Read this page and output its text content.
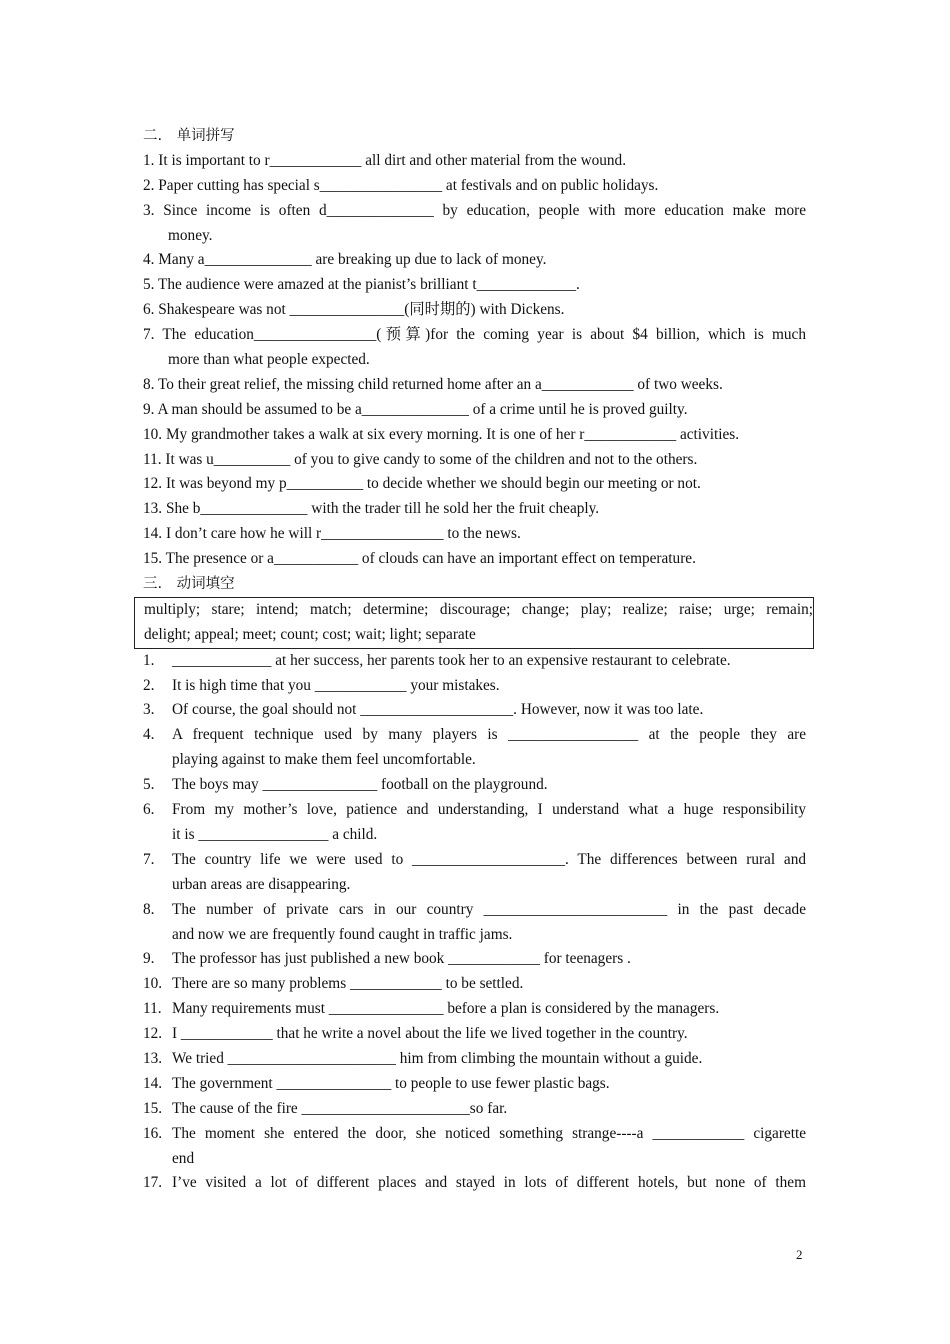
二.　单词拼写
1. It is important to r____________ all dirt and other material from the wound.
2. Paper cutting has special s________________ at festivals and on public holidays.
3. Since income is often d______________ by education, people with more education make more
money.
4. Many a______________ are breaking up due to lack of money.
5. The audience were amazed at the pianist’s brilliant t_____________.
6. Shakespeare was not _______________(同时期的) with Dickens.
7. The education________________(预算)for the coming year is about $4 billion, which is much
more than what people expected.
8. To their great relief, the missing child returned home after an a____________ of two weeks.
9. A man should be assumed to be a______________ of a crime until he is proved guilty.
10. My grandmother takes a walk at six every morning. It is one of her r____________ activities.
11. It was u__________ of you to give candy to some of the children and not to the others.
12. It was beyond my p__________ to decide whether we should begin our meeting or not.
13. She b______________ with the trader till he sold her the fruit cheaply.
14. I don’t care how he will r________________ to the news.
15. The presence or a___________ of clouds can have an important effect on temperature.
三.　动词填空
multiply; stare; intend; match; determine; discourage; change; play; realize; raise; urge; remain;
delight; appeal; meet; count; cost; wait; light; separate
1.	_____________ at her success, her parents took her to an expensive restaurant to celebrate.
2.	It is high time that you ____________ your mistakes.
3.	Of course, the goal should not ____________________. However, now it was too late.
4.	A frequent technique used by many players is _________________ at the people they are
playing against to make them feel uncomfortable.
5.	The boys may _______________ football on the playground.
6.	From my mother’s love, patience and understanding, I understand what a huge responsibility
it is _________________ a child.
7.	The country life we were used to ____________________. The differences between rural and
urban areas are disappearing.
8.	The number of private cars in our country ________________________ in the past decade
and now we are frequently found caught in traffic jams.
9.	The professor has just published a new book ____________ for teenagers .
10. There are so many problems ____________ to be settled.
11. Many requirements must _______________ before a plan is considered by the managers.
12. I ____________ that he write a novel about the life we lived together in the country.
13. We tried ______________________ him from climbing the mountain without a guide.
14. The government _______________ to people to use fewer plastic bags.
15. The cause of the fire ______________________so far.
16. The moment she entered the door, she noticed something strange----a ____________ cigarette
end
17. I’ve visited a lot of different places and stayed in lots of different hotels, but none of them
2
